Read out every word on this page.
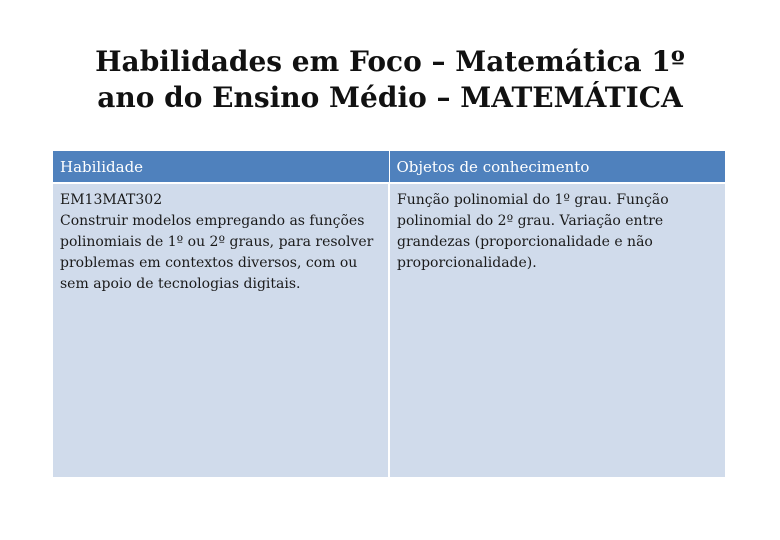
Habilidades em Foco – Matemática 1º
ano do Ensino Médio – MATEMÁTICA
Habilidade	Objetos de conhecimento

EM13MAT302
Construir modelos empregando as funções polinomiais de 1º ou 2º graus, para resolver problemas em contextos diversos, com ou sem apoio de tecnologias digitais.	Função polinomial do 1º grau. Função polinomial do 2º grau. Variação entre grandezas (proporcionalidade e não proporcionalidade).
